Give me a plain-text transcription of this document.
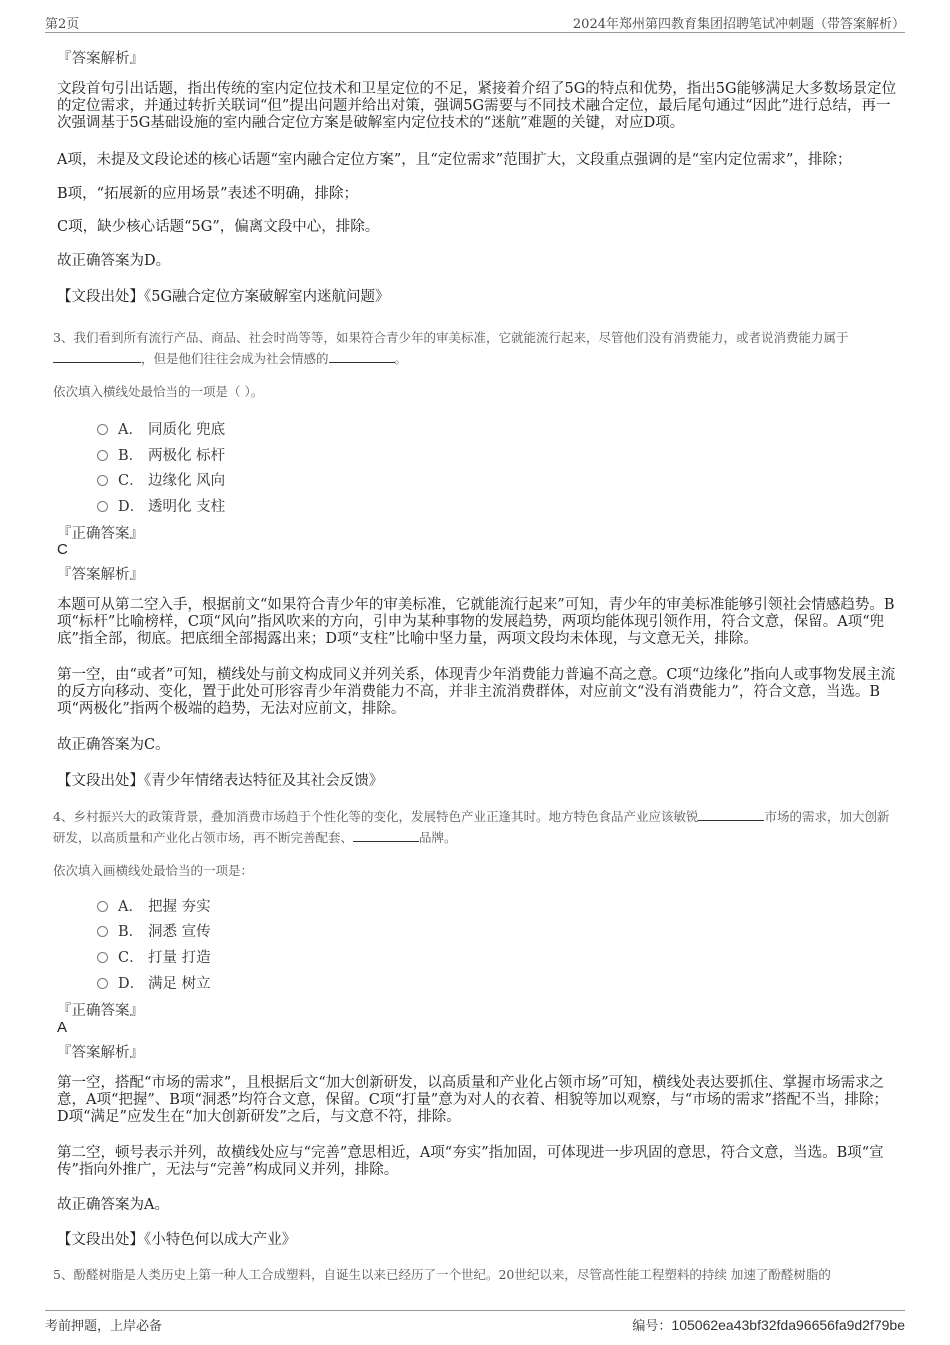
第2页	2024年郑州第四教育集团招聘笔试冲刺题（带答案解析）
『答案解析』
文段首句引出话题，指出传统的室内定位技术和卫星定位的不足，紧接着介绍了5G的特点和优势，指出5G能够满足大多数场景定位的定位需求，并通过转折关联词“但”提出问题并给出对策，强调5G需要与不同技术融合定位，最后尾句通过“因此”进行总结，再一次强调基于5G基础设施的室内融合定位方案是破解室内定位技术的“迷航”难题的关键，对应D项。
A项，未提及文段论述的核心话题“室内融合定位方案”，且“定位需求”范围扩大，文段重点强调的是“室内定位需求”，排除；
B项，“拓展新的应用场景”表述不明确，排除；
C项，缺少核心话题“5G”，偏离文段中心，排除。
故正确答案为D。
【文段出处】《5G融合定位方案破解室内迷航问题》
3、我们看到所有流行产品、商品、社会时尚等等，如果符合青少年的审美标准，它就能流行起来，尽管他们没有消费能力，或者说消费能力属于，但是他们往往会成为社会情感的	。
依次填入横线处最恰当的一项是（ ）。
A． 同质化 兜底
B． 两极化 标杆
C． 边缘化 风向
D． 透明化 支柱
『正确答案』
C
『答案解析』
本题可从第二空入手，根据前文“如果符合青少年的审美标准，它就能流行起来”可知，青少年的审美标准能够引领社会情感趋势。B项“标杆”比喻榜样，C项“风向”指风吹来的方向，引申为某种事物的发展趋势，两项均能体现引领作用，符合文意，保留。A项“兜底”指全部，彻底。把底细全部揭露出来；D项“支柱”比喻中坚力量，两项文段均未体现，与文意无关，排除。
第一空，由“或者”可知，横线处与前文构成同义并列关系，体现青少年消费能力普遍不高之意。C项“边缘化”指向人或事物发展主流的反方向移动、变化，置于此处可形容青少年消费能力不高，并非主流消费群体，对应前文“没有消费能力”，符合文意，当选。B项“两极化”指两个极端的趋势，无法对应前文，排除。
故正确答案为C。
【文段出处】《青少年情绪表达特征及其社会反馈》
4、乡村振兴大的政策背景，叠加消费市场趋于个性化等的变化，发展特色产业正逢其时。地方特色食品产业应该敏锐	市场的需求，加大创新研发，以高质量和产业化占领市场，再不断完善配套、	品牌。
依次填入画横线处最恰当的一项是：
A． 把握 夯实
B． 洞悉 宣传
C． 打量 打造
D． 满足 树立
『正确答案』
A
『答案解析』
第一空，搭配“市场的需求”，且根据后文“加大创新研发，以高质量和产业化占领市场”可知，横线处表达要抓住、掌握市场需求之意，A项“把握”、B项“洞悉”均符合文意，保留。C项“打量”意为对人的衣着、相貌等加以观察，与“市场的需求”搭配不当，排除；D项“满足”应发生在“加大创新研发”之后，与文意不符，排除。
第二空，顿号表示并列，故横线处应与“完善”意思相近，A项“夯实”指加固，可体现进一步巩固的意思，符合文意，当选。B项“宣传”指向外推广，无法与“完善”构成同义并列，排除。
故正确答案为A。
【文段出处】《小特色何以成大产业》
5、酚醛树脂是人类历史上第一种人工合成塑料，自诞生以来已经历了一个世纪。20世纪以来，尽管高性能工程塑料的持续 加速了酚醛树脂的
考前押题，上岸必备	编号：105062ea43bf32fda96656fa9d2f79be
